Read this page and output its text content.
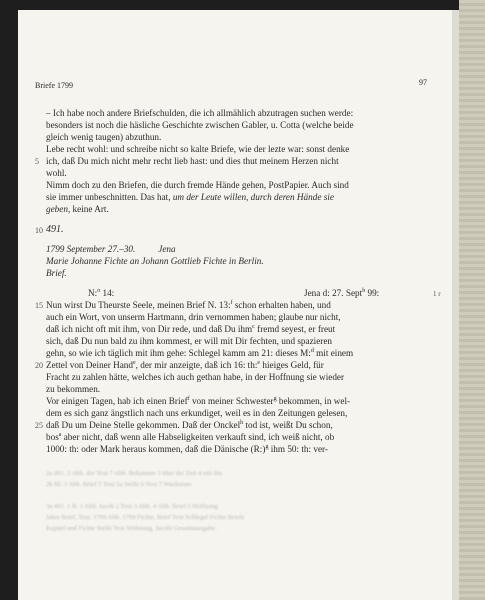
Briefe 1799	97
– Ich habe noch andere Briefschulden, die ich allmählich abzutragen suchen werde:
besonders ist noch die häsliche Geschichte zwischen Gabler, u. Cotta (welche beide
gleich wenig taugen) abzuthun.
Lebe recht wohl: und schreibe nicht so kalte Briefe, wie der lezte war: sonst denke
5 ich, daß Du mich nicht mehr recht lieb hast: und dies thut meinem Herzen nicht
wohl.
Nimm doch zu den Briefen, die durch fremde Hände gehen, PostPapier. Auch sind
sie immer unbeschnitten. Das hat, um der Leute willen, durch deren Hände sie
geben, keine Art.
10 491.
1799 September 27.–30.          Jena
Marie Johanne Fichte an Johann Gottlieb Fichte in Berlin.
Brief.
N:$^o$ 14:	Jena d: 27. Sept$^b$ 99:	1 r
15 Nun wirst Du Theurste Seele, meinen Brief N. 13:$^f$ schon erhalten haben, und
auch ein Wort, von unserm Hartmann, drin vernommen haben; glaube nur nicht,
daß ich nicht oft mit ihm, von Dir rede, und daß Du ihm$^c$ fremd seyest, er freut
sich, daß Du nun bald zu ihm kommest, er will mit Dir fechten, und spazieren
gehn, so wie ich täglich mit ihm gehe: Schlegel kamm am 21: dieses M:$^d$ mit einem
20 Zettel von Deiner Hand$^e$, der mir anzeigte, daß ich 16: th:$^e$ hieiges Geld, für
Fracht zu zahlen hätte, welches ich auch gethan habe, in der Hoffnung sie wieder
zu bekommen.
Vor einigen Tagen, hab ich einen Brief$^f$ von meiner Schwester$^g$ bekommen, in wel-
dem es sich ganz ängstlich nach uns erkundiget, weil es in den Zeitungen gelesen,
25 daß Du um Deine Stelle gekommen. Daß der Onckel$^h$ tod ist, weißt Du schon,
bos$^a$ aber nicht, daß wenn alle Habseligkeiten verkauft sind, ich weiß nicht, ob
1000: th: oder Mark heraus kommen, daß die Dänische (R:)$^g$ ihm 50: th: ver-
2a 491. 2 Abb. der Text 7 Abb. Bekannter 3 über der Zeit 4 mit ihn
2b Bl. 3 Abb. Brief 5 Text 5a Stelle 6 Text 7 Wachstum
3a 491. 1 B. 1 Abb. Jacob 2 Text 3 Abb. 4 Abb. Brief 5 Hoffnung
Jahre Brief, Text. 1799 Abb. 1799 Fichte, Brief Text Schlegel Fichte Briefe
Kapitel und Fichte Stelle Text Wohnung, Jacobi Gesamtausgabe.
